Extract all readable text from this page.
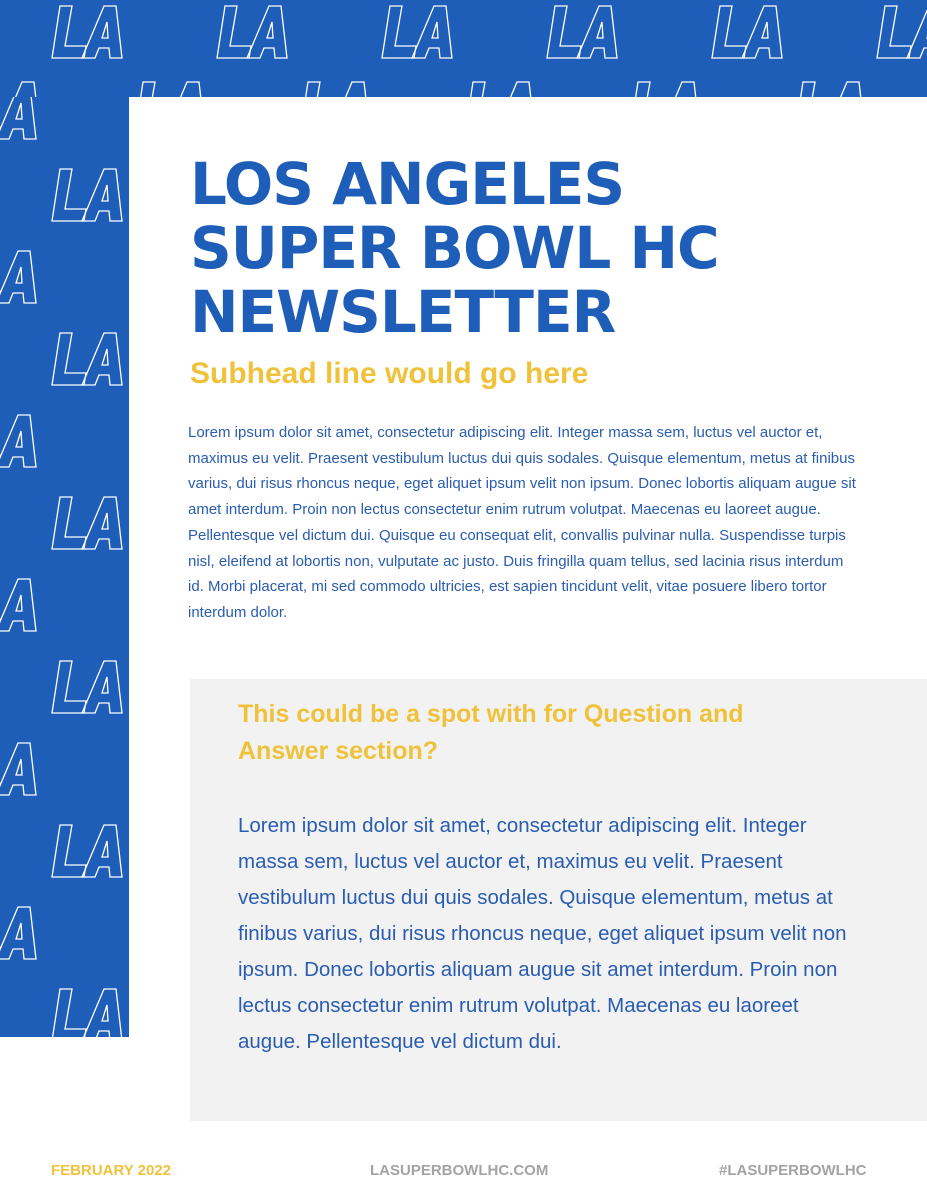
LOS ANGELES
SUPER BOWL HC
NEWSLETTER
Subhead line would go here

Lorem ipsum dolor sit amet, consectetur adipiscing elit. Integer massa sem, luctus vel auctor et, maximus eu velit. Praesent vestibulum luctus dui quis sodales. Quisque elementum, metus at finibus varius, dui risus rhoncus neque, eget aliquet ipsum velit non ipsum. Donec lobortis aliquam augue sit amet interdum. Proin non lectus consectetur enim rutrum volutpat. Maecenas eu laoreet augue. Pellentesque vel dictum dui. Quisque eu consequat elit, convallis pulvinar nulla. Suspendisse turpis nisl, eleifend at lobortis non, vulputate ac justo. Duis fringilla quam tellus, sed lacinia risus interdum id. Morbi placerat, mi sed commodo ultricies, est sapien tincidunt velit, vitae posuere libero tortor interdum dolor.

This could be a spot with for Question and Answer section?

Lorem ipsum dolor sit amet, consectetur adipiscing elit. Integer massa sem, luctus vel auctor et, maximus eu velit. Praesent vestibulum luctus dui quis sodales. Quisque elementum, metus at finibus varius, dui risus rhoncus neque, eget aliquet ipsum velit non ipsum. Donec lobortis aliquam augue sit amet interdum. Proin non lectus consectetur enim rutrum volutpat. Maecenas eu laoreet augue. Pellentesque vel dictum dui.

FEBRUARY 2022	LASUPERBOWLHC.COM	#LASUPERBOWLHC
